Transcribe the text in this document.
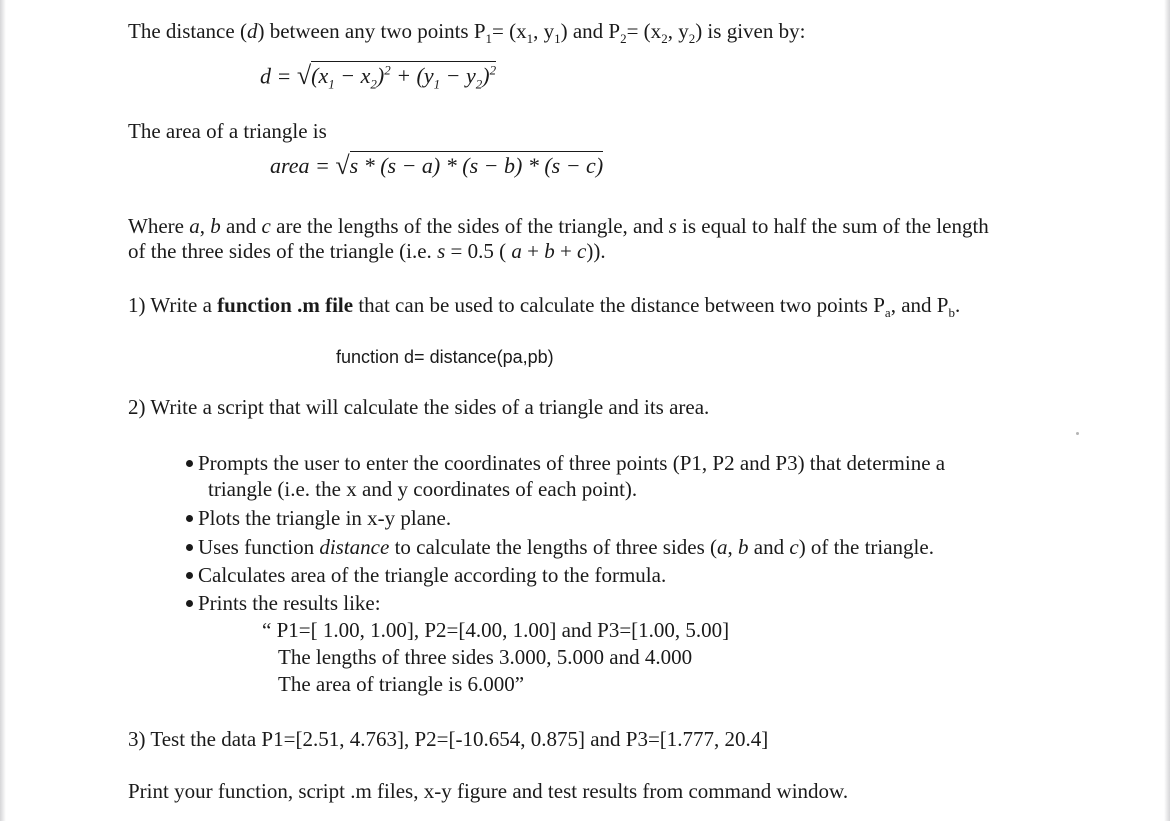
The distance (d) between any two points $P_1= (x_1$, $y_1$) and $P_2= (x_2$, $y_2$) is given by:
$d = √(x_1 - x_2)^2 + (y_1 - y_2)^2$
The area of a triangle is
area = √s * (s − a) * (s − b) * (s − c)
Where a, b and c are the lengths of the sides of the triangle, and s is equal to half the sum of the length
of the three sides of the triangle (i.e. s = 0.5 ( a + b + c)).
1) Write a function .m file that can be used to calculate the distance between two points $P_a$, and $P_b$.
function d= distance(pa,pb)
2) Write a script that will calculate the sides of a triangle and its area.
Prompts the user to enter the coordinates of three points (P1, P2 and P3) that determine a
triangle (i.e. the x and y coordinates of each point).
Plots the triangle in x-y plane.
Uses function distance to calculate the lengths of three sides (a, b and c) of the triangle.
Calculates area of the triangle according to the formula.
Prints the results like:
“ P1=[ 1.00, 1.00], P2=[4.00, 1.00] and P3=[1.00, 5.00]
The lengths of three sides 3.000, 5.000 and 4.000
The area of triangle is 6.000”
3) Test the data P1=[2.51, 4.763], P2=[-10.654, 0.875] and P3=[1.777, 20.4]
Print your function, script .m files, x-y figure and test results from command window.
